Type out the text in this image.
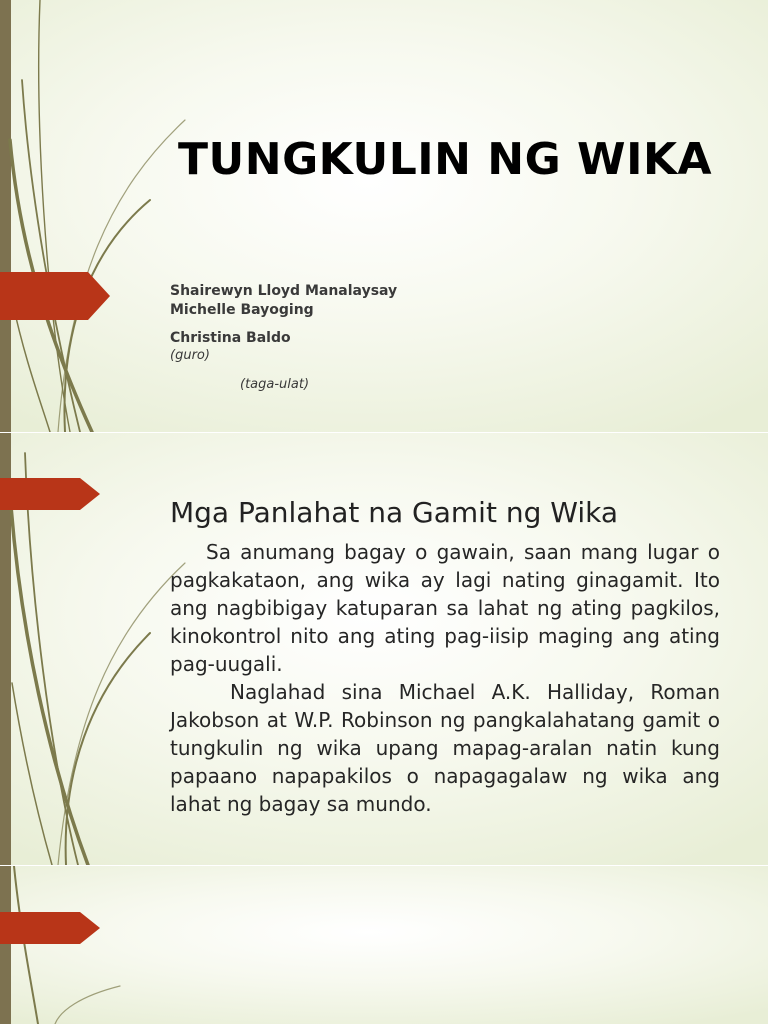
TUNGKULIN NG WIKA
Shairewyn Lloyd Manalaysay
Michelle Bayoging
Christina Baldo
(guro)
(taga-ulat)
Mga Panlahat na Gamit ng Wika

Sa anumang bagay o gawain, saan mang lugar o pagkakataon, ang wika ay lagi nating ginagamit. Ito ang nagbibigay katuparan sa lahat ng ating pagkilos, kinokontrol nito ang ating pag-iisip maging ang ating pag-uugali.

Naglahad sina Michael A.K. Halliday, Roman Jakobson at W.P. Robinson ng pangkalahatang gamit o tungkulin ng wika upang mapag-aralan natin kung papaano napapakilos o napagagalaw ng wika ang lahat ng bagay sa mundo.
